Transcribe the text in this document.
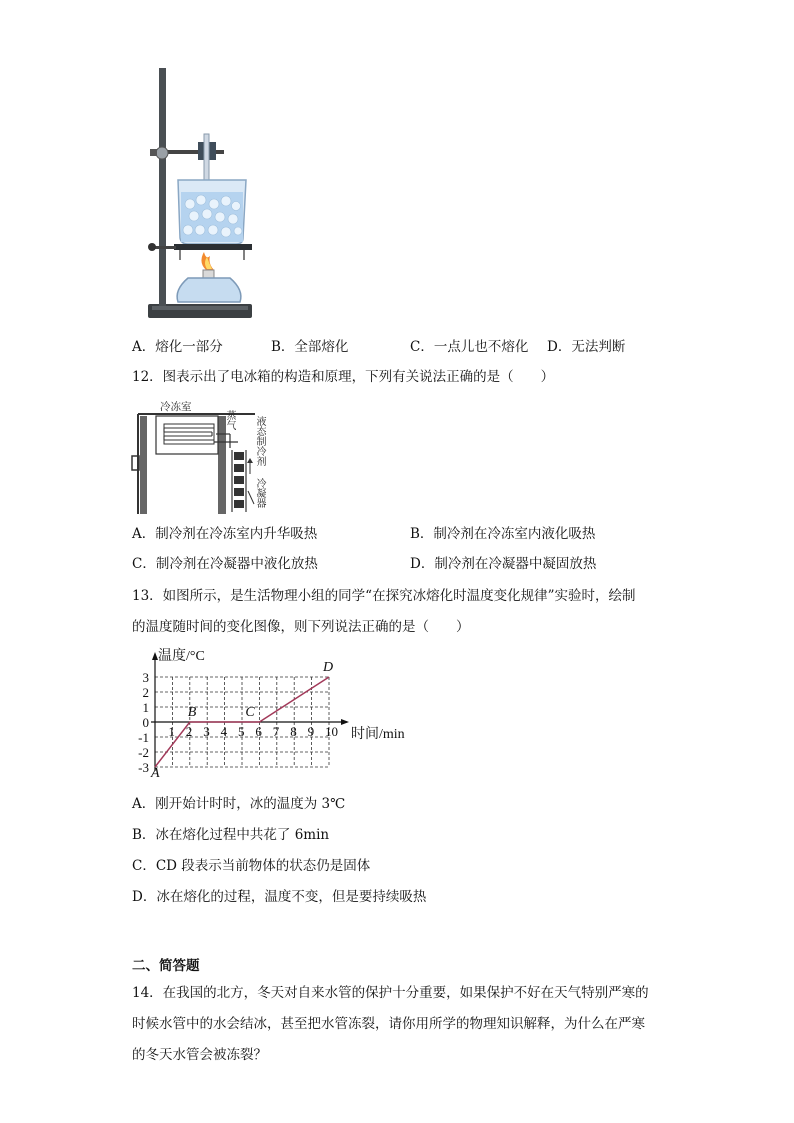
A．熔化一部分	B．全部熔化	C．一点儿也不熔化 D．无法判断
12．图表示出了电冰箱的构造和原理，下列有关说法正确的是（　　）
冷冻室
蒸气 液态制冷剂
冷凝器
A．制冷剂在冷冻室内升华吸热	B．制冷剂在冷冻室内液化吸热
C．制冷剂在冷凝器中液化放热	D．制冷剂在冷凝器中凝固放热
13．如图所示，是生活物理小组的同学“在探究冰熔化时温度变化规律”实验时，绘制
的温度随时间的变化图像，则下列说法正确的是（　　）
1 2 3 4 5 6 7 8 9 10
3
2
1
0
-1
-2
-3 A
B	C
D
温度/°C
时间/min
A．刚开始计时时，冰的温度为 3℃
B．冰在熔化过程中共花了 6min
C．CD 段表示当前物体的状态仍是固体
D．冰在熔化的过程，温度不变，但是要持续吸热
二、简答题
14．在我国的北方，冬天对自来水管的保护十分重要，如果保护不好在天气特别严寒的
时候水管中的水会结冰，甚至把水管冻裂，请你用所学的物理知识解释，为什么在严寒
的冬天水管会被冻裂？
